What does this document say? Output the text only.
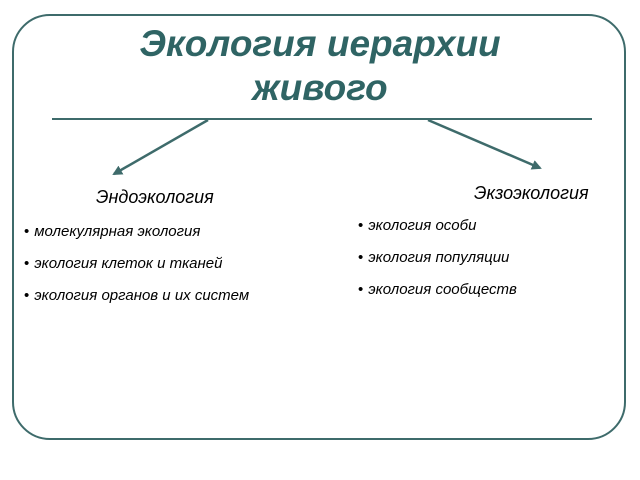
Экология иерархии
живого
Эндоэкология
• молекулярная экология
• экология клеток и тканей
• экология органов и их систем
Экзоэкология
• экология особи
• экология популяции
• экология сообществ
